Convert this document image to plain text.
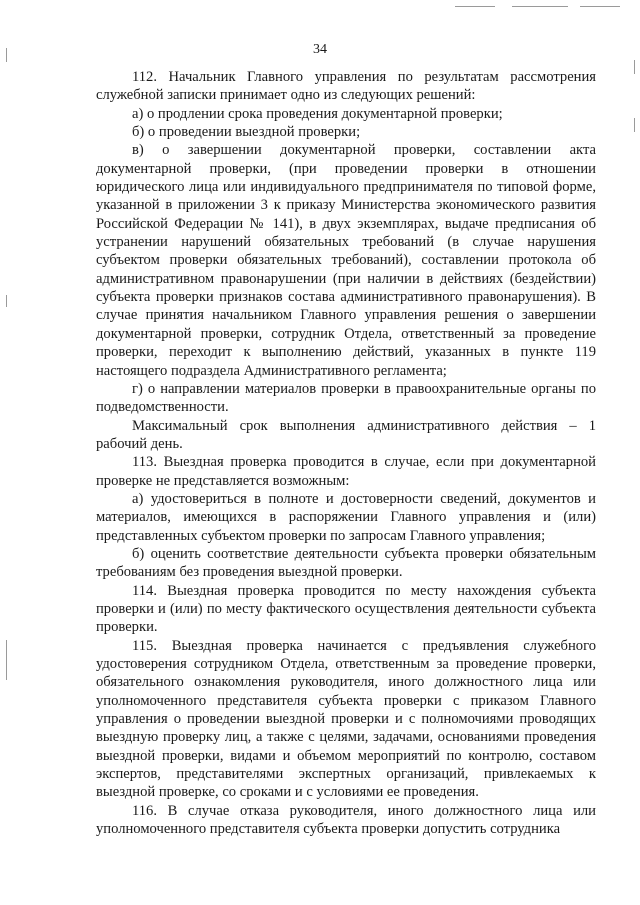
34

112. Начальник Главного управления по результатам рассмотрения служебной записки принимает одно из следующих решений:

а) о продлении срока проведения документарной проверки;

б) о проведении выездной проверки;

в) о завершении документарной проверки, составлении акта документарной проверки, (при проведении проверки в отношении юридического лица или индивидуального предпринимателя по типовой форме, указанной в приложении 3 к приказу Министерства экономического развития Российской Федерации № 141), в двух экземплярах, выдаче предписания об устранении нарушений обязательных требований (в случае нарушения субъектом проверки обязательных требований), составлении протокола об административном правонарушении (при наличии в действиях (бездействии) субъекта проверки признаков состава административного правонарушения). В случае принятия начальником Главного управления решения о завершении документарной проверки, сотрудник Отдела, ответственный за проведение проверки, переходит к выполнению действий, указанных в пункте 119 настоящего подраздела Административного регламента;

г) о направлении материалов проверки в правоохранительные органы по подведомственности.

Максимальный срок выполнения административного действия – 1 рабочий день.

113. Выездная проверка проводится в случае, если при документарной проверке не представляется возможным:

а) удостовериться в полноте и достоверности сведений, документов и материалов, имеющихся в распоряжении Главного управления и (или) представленных субъектом проверки по запросам Главного управления;

б) оценить соответствие деятельности субъекта проверки обязательным требованиям без проведения выездной проверки.

114. Выездная проверка проводится по месту нахождения субъекта проверки и (или) по месту фактического осуществления деятельности субъекта проверки.

115. Выездная проверка начинается с предъявления служебного удостоверения сотрудником Отдела, ответственным за проведение проверки, обязательного ознакомления руководителя, иного должностного лица или уполномоченного представителя субъекта проверки с приказом Главного управления о проведении выездной проверки и с полномочиями проводящих выездную проверку лиц, а также с целями, задачами, основаниями проведения выездной проверки, видами и объемом мероприятий по контролю, составом экспертов, представителями экспертных организаций, привлекаемых к выездной проверке, со сроками и с условиями ее проведения.

116. В случае отказа руководителя, иного должностного лица или уполномоченного представителя субъекта проверки допустить сотрудника
